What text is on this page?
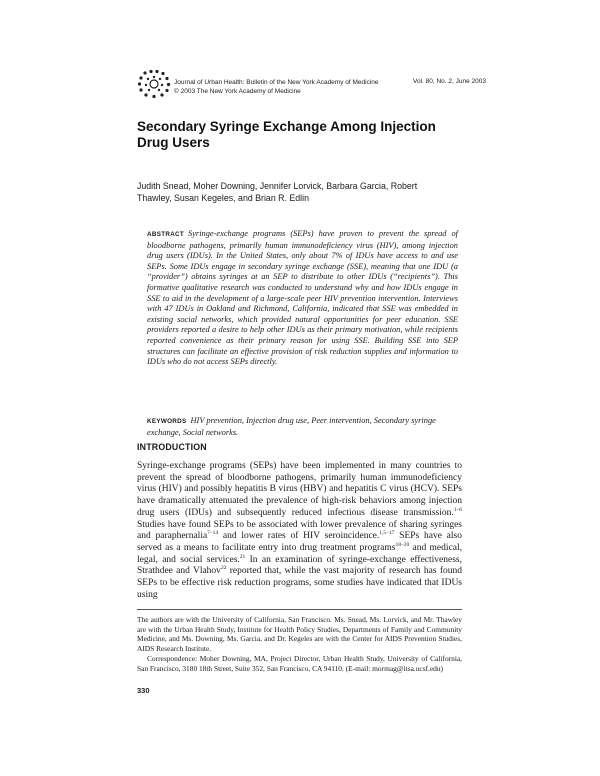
Journal of Urban Health: Bulletin of the New York Academy of Medicine
© 2003 The New York Academy of Medicine
Vol. 80, No. 2, June 2003
Secondary Syringe Exchange Among Injection Drug Users
Judith Snead, Moher Downing, Jennifer Lorvick, Barbara Garcia, Robert Thawley, Susan Kegeles, and Brian R. Edlin
ABSTRACT Syringe-exchange programs (SEPs) have proven to prevent the spread of bloodborne pathogens, primarily human immunodeficiency virus (HIV), among injection drug users (IDUs). In the United States, only about 7% of IDUs have access to and use SEPs. Some IDUs engage in secondary syringe exchange (SSE), meaning that one IDU (a “provider”) obtains syringes at an SEP to distribute to other IDUs (“recipients”). This formative qualitative research was conducted to understand why and how IDUs engage in SSE to aid in the development of a large-scale peer HIV prevention intervention. Interviews with 47 IDUs in Oakland and Richmond, California, indicated that SSE was embedded in existing social networks, which provided natural opportunities for peer education. SSE providers reported a desire to help other IDUs as their primary motivation, while recipients reported convenience as their primary reason for using SSE. Building SSE into SEP structures can facilitate an effective provision of risk reduction supplies and information to IDUs who do not access SEPs directly.
KEYWORDS HIV prevention, Injection drug use, Peer intervention, Secondary syringe exchange, Social networks.
INTRODUCTION
Syringe-exchange programs (SEPs) have been implemented in many countries to prevent the spread of bloodborne pathogens, primarily human immunodeficiency virus (HIV) and possibly hepatitis B virus (HBV) and hepatitis C virus (HCV). SEPs have dramatically attenuated the prevalence of high-risk behaviors among injection drug users (IDUs) and subsequently reduced infectious disease transmission.$^{1-6}$ Studies have found SEPs to be associated with lower prevalence of sharing syringes and paraphernalia$^{7-14}$ and lower rates of HIV seroincidence.$^{1,5-17}$ SEPs have also served as a means to facilitate entry into drug treatment programs$^{18-20}$ and medical, legal, and social services.$^{21}$ In an examination of syringe-exchange effectiveness, Strathdee and Vlahov$^{22}$ reported that, while the vast majority of research has found SEPs to be effective risk reduction programs, some studies have indicated that IDUs using

The authors are with the University of California, San Francisco. Ms. Snead, Ms. Lorvick, and Mr. Thawley are with the Urban Health Study, Institute for Health Policy Studies, Departments of Family and Community Medicine, and Ms. Downing, Ms. Garcia, and Dr. Kegeles are with the Center for AIDS Prevention Studies, AIDS Research Institute.

Correspondence: Moher Downing, MA, Project Director, Urban Health Study, University of California, San Francisco, 3180 18th Street, Suite 352, San Francisco, CA 94110. (E-mail: mormag@itsa.ucsf.edu)

330
